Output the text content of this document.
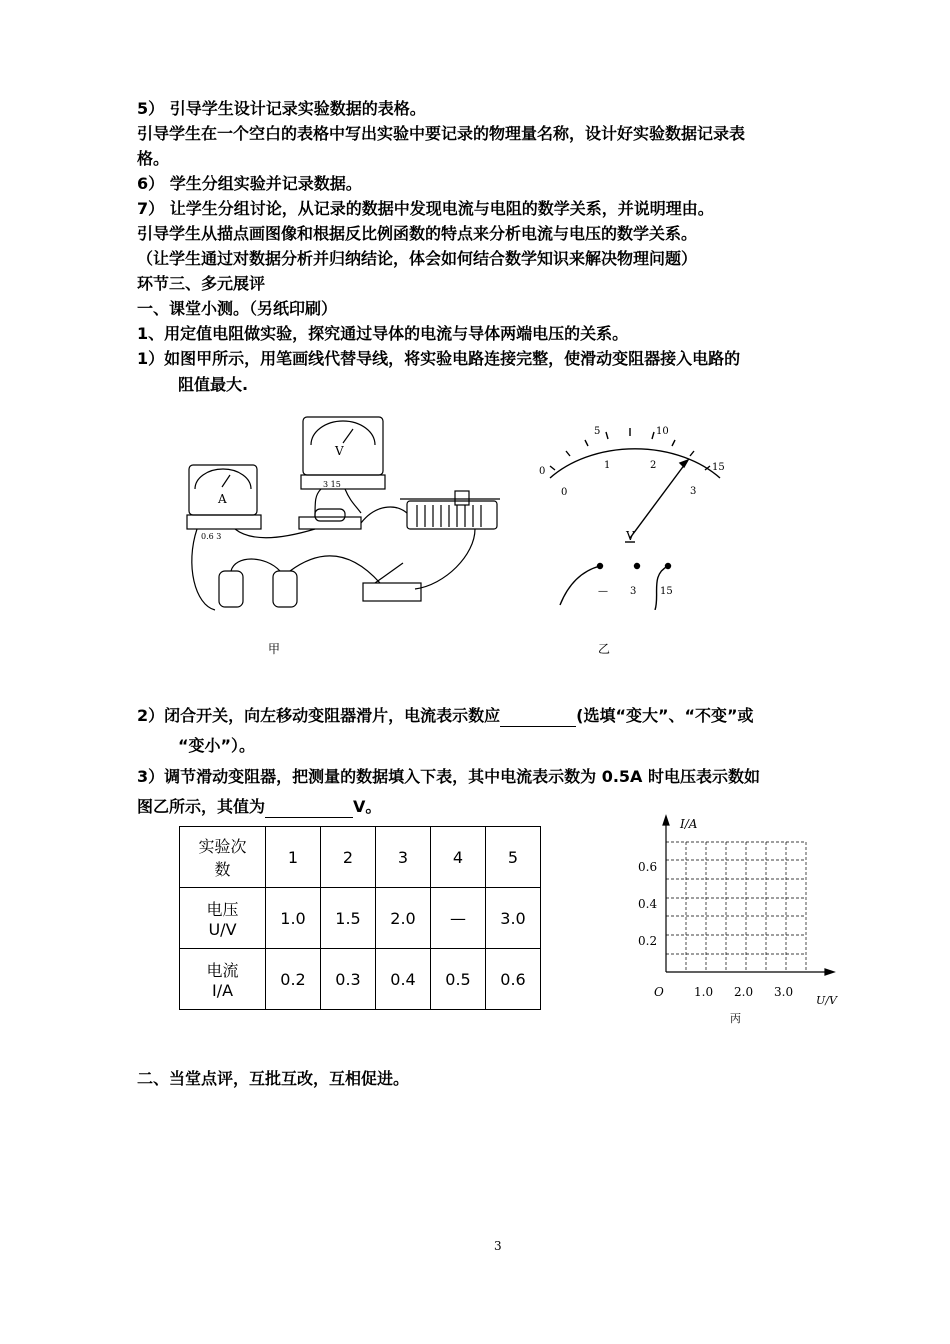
5） 引导学生设计记录实验数据的表格。
引导学生在一个空白的表格中写出实验中要记录的物理量名称，设计好实验数据记录表
格。
6） 学生分组实验并记录数据。
7） 让学生分组讨论，从记录的数据中发现电流与电阻的数学关系，并说明理由。
引导学生从描点画图像和根据反比例函数的特点来分析电流与电压的数学关系。
（让学生通过对数据分析并归纳结论，体会如何结合数学知识来解决物理问题）
环节三、多元展评
一、课堂小测。（另纸印刷）
1、用定值电阻做实验，探究通过导体的电流与导体两端电压的关系。
1）如图甲所示，用笔画线代替导线，将实验电路连接完整，使滑动变阻器接入电路的
阻值最大.
V
A
0.6 3
3 15
甲
0
5	10
15
0
1	2
3
V
— 3 15
乙
2）闭合开关，向左移动变阻器滑片，电流表示数应	(选填“变大”、“不变”或
“变小”）。
3）调节滑动变阻器，把测量的数据填入下表，其中电流表示数为 0.5A 时电压表示数如
图乙所示，其值为	V。
实验次
数	1	2	3	4	5
电压
U/V	1.0	1.5	2.0	—	3.0
电流
I/A	0.2	0.3	0.4	0.5	0.6
I/A
U/V
O
0.6
0.4
0.2
1.0 2.0 3.0
丙
二、当堂点评，互批互改，互相促进。
3
